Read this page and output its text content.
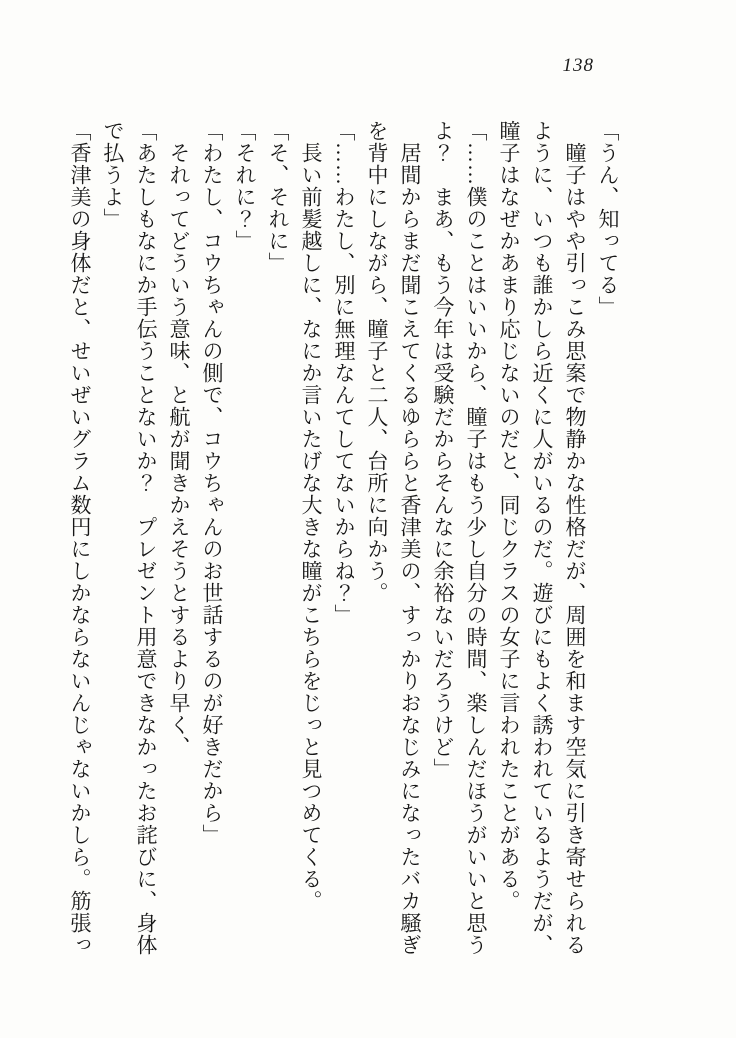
138

「うん、知ってる」

　瞳子はやや引っこみ思案で物静かな性格だが、周囲を和ます空気に引き寄せられる

ように、いつも誰かしら近くに人がいるのだ。遊びにもよく誘われているようだが、

瞳子はなぜかあまり応じないのだと、同じクラスの女子に言われたことがある。

「……僕のことはいいから、瞳子はもう少し自分の時間、楽しんだほうがいいと思う

よ？　まあ、もう今年は受験だからそんなに余裕ないだろうけど」

　居間からまだ聞こえてくるゆららと香津美の、すっかりおなじみになったバカ騒ぎ

を背中にしながら、瞳子と二人、台所に向かう。

「……わたし、別に無理なんてしてないからね？」

　長い前髪越しに、なにか言いたげな大きな瞳がこちらをじっと見つめてくる。

「そ、それに」

「それに？」

「わたし、コウちゃんの側で、コウちゃんのお世話するのが好きだから」

　それってどういう意味、と航が聞きかえそうとするより早く、

「あたしもなにか手伝うことないか？　プレゼント用意できなかったお詫びに、身体

で払うよ」

「香津美の身体だと、せいぜいグラム数円にしかならないんじゃないかしら。筋張っ
